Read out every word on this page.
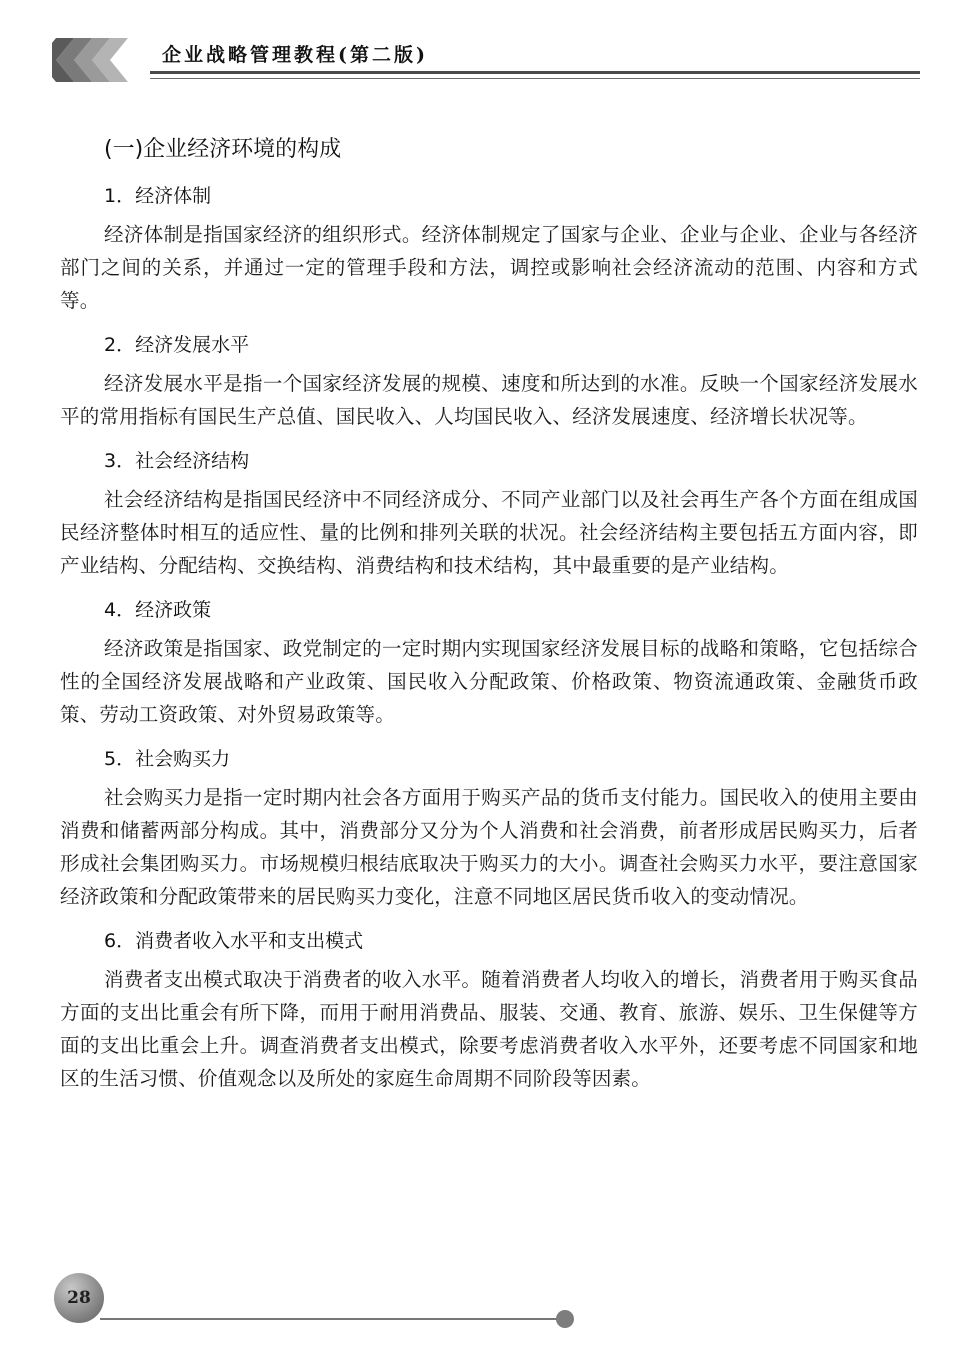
企业战略管理教程(第二版)
(一)企业经济环境的构成
1．经济体制

经济体制是指国家经济的组织形式。经济体制规定了国家与企业、企业与企业、企业与各经济部门之间的关系，并通过一定的管理手段和方法，调控或影响社会经济流动的范围、内容和方式等。

2．经济发展水平

经济发展水平是指一个国家经济发展的规模、速度和所达到的水准。反映一个国家经济发展水平的常用指标有国民生产总值、国民收入、人均国民收入、经济发展速度、经济增长状况等。

3．社会经济结构

社会经济结构是指国民经济中不同经济成分、不同产业部门以及社会再生产各个方面在组成国民经济整体时相互的适应性、量的比例和排列关联的状况。社会经济结构主要包括五方面内容，即产业结构、分配结构、交换结构、消费结构和技术结构，其中最重要的是产业结构。

4．经济政策

经济政策是指国家、政党制定的一定时期内实现国家经济发展目标的战略和策略，它包括综合性的全国经济发展战略和产业政策、国民收入分配政策、价格政策、物资流通政策、金融货币政策、劳动工资政策、对外贸易政策等。

5．社会购买力

社会购买力是指一定时期内社会各方面用于购买产品的货币支付能力。国民收入的使用主要由消费和储蓄两部分构成。其中，消费部分又分为个人消费和社会消费，前者形成居民购买力，后者形成社会集团购买力。市场规模归根结底取决于购买力的大小。调查社会购买力水平，要注意国家经济政策和分配政策带来的居民购买力变化，注意不同地区居民货币收入的变动情况。

6．消费者收入水平和支出模式

消费者支出模式取决于消费者的收入水平。随着消费者人均收入的增长，消费者用于购买食品方面的支出比重会有所下降，而用于耐用消费品、服装、交通、教育、旅游、娱乐、卫生保健等方面的支出比重会上升。调查消费者支出模式，除要考虑消费者收入水平外，还要考虑不同国家和地区的生活习惯、价值观念以及所处的家庭生命周期不同阶段等因素。

28
